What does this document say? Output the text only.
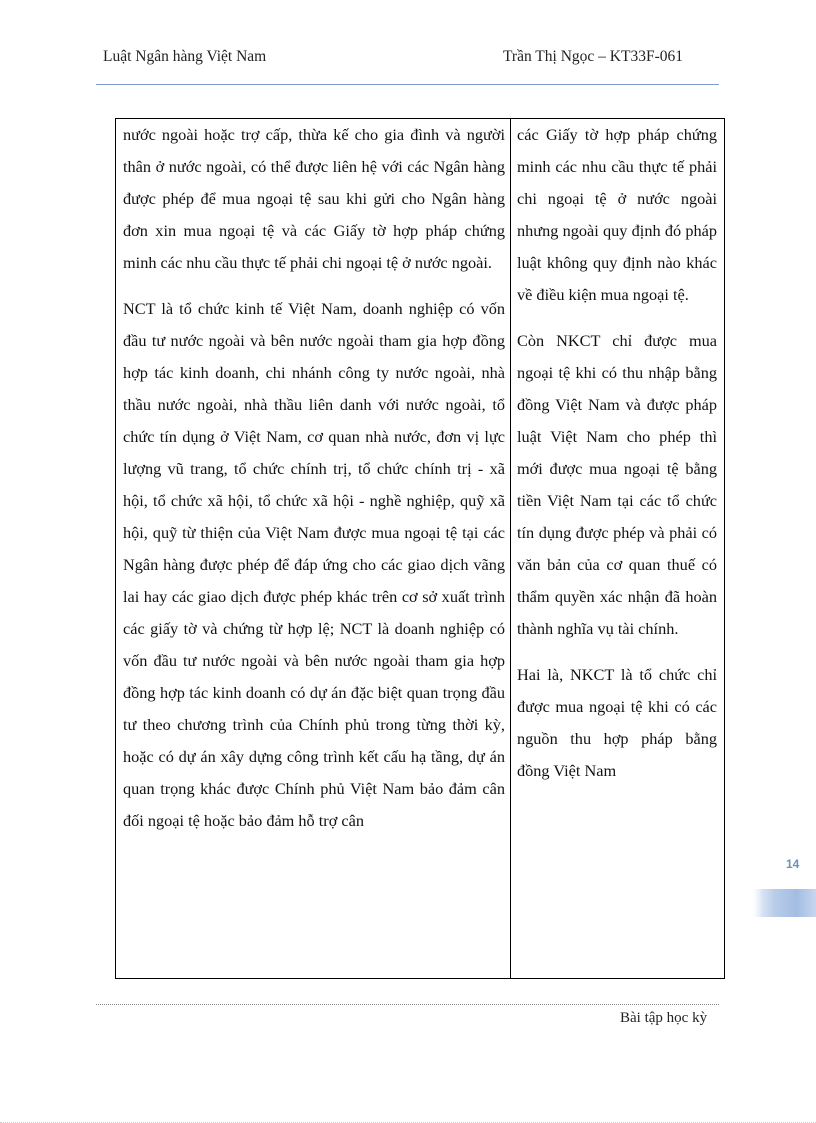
Luật Ngân hàng Việt Nam	Trần Thị Ngọc – KT33F-061

nước ngoài hoặc trợ cấp, thừa kế cho gia đình và người thân ở nước ngoài, có thể được liên hệ với các Ngân hàng được phép để mua ngoại tệ sau khi gửi cho Ngân hàng đơn xin mua ngoại tệ và các Giấy tờ hợp pháp chứng minh các nhu cầu thực tế phải chi ngoại tệ ở nước ngoài.

NCT là tổ chức kinh tế Việt Nam, doanh nghiệp có vốn đầu tư nước ngoài và bên nước ngoài tham gia hợp đồng hợp tác kinh doanh, chi nhánh công ty nước ngoài, nhà thầu nước ngoài, nhà thầu liên danh với nước ngoài, tổ chức tín dụng ở Việt Nam, cơ quan nhà nước, đơn vị lực lượng vũ trang, tổ chức chính trị, tổ chức chính trị - xã hội, tổ chức xã hội, tổ chức xã hội - nghề nghiệp, quỹ xã hội, quỹ từ thiện của Việt Nam được mua ngoại tệ tại các Ngân hàng được phép để đáp ứng cho các giao dịch vãng lai hay các giao dịch được phép khác trên cơ sở xuất trình các giấy tờ và chứng từ hợp lệ; NCT là doanh nghiệp có vốn đầu tư nước ngoài và bên nước ngoài tham gia hợp đồng hợp tác kinh doanh có dự án đặc biệt quan trọng đầu tư theo chương trình của Chính phủ trong từng thời kỳ, hoặc có dự án xây dựng công trình kết cấu hạ tầng, dự án quan trọng khác được Chính phủ Việt Nam bảo đảm cân đối ngoại tệ hoặc bảo đảm hỗ trợ cân

các Giấy tờ hợp pháp chứng minh các nhu cầu thực tế phải chi ngoại tệ ở nước ngoài nhưng ngoài quy định đó pháp luật không quy định nào khác về điều kiện mua ngoại tệ.

Còn NKCT chỉ được mua ngoại tệ khi có thu nhập bằng đồng Việt Nam và được pháp luật Việt Nam cho phép thì mới được mua ngoại tệ bằng tiền Việt Nam tại các tổ chức tín dụng được phép và phải có văn bản của cơ quan thuế có thẩm quyền xác nhận đã hoàn thành nghĩa vụ tài chính.

Hai là, NKCT là tổ chức chỉ được mua ngoại tệ khi có các nguồn thu hợp pháp bằng đồng Việt Nam

14
Bài tập học kỳ
